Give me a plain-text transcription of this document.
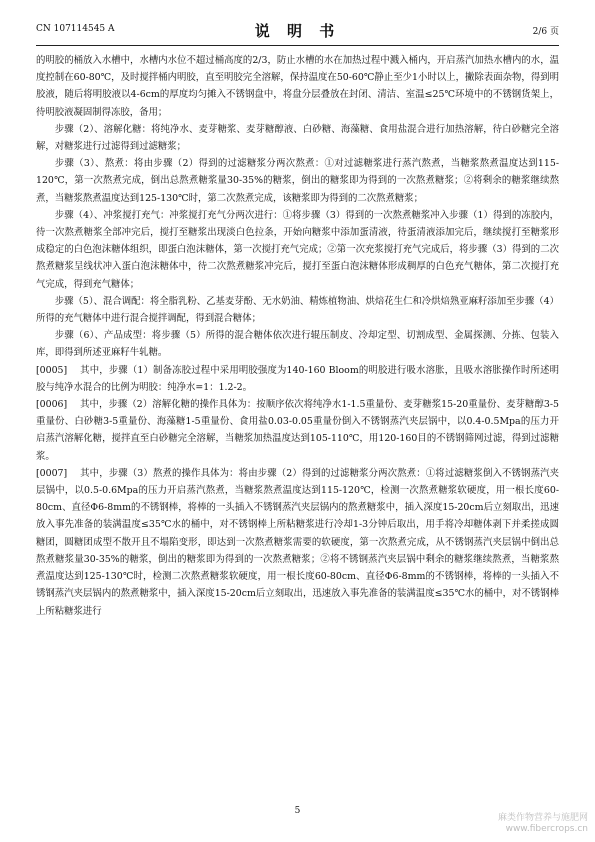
CN 107114545 A	说 明 书	2/6 页

的明胶的桶放入水槽中，水槽内水位不超过桶高度的2/3，防止水槽的水在加热过程中溅入桶内，开启蒸汽加热水槽内的水，温度控制在60-80℃，及时搅拌桶内明胶，直至明胶完全溶解，保持温度在50-60℃静止至少1小时以上，撇除表面杂物，得到明胶液，随后将明胶液以4-6cm的厚度均匀摊入不锈钢盘中，将盘分层叠放在封闭、清洁、室温≤25℃环境中的不锈钢货架上，待明胶液凝固制得冻胶，备用；

步骤（2）、溶解化糖：将纯净水、麦芽糖浆、麦芽糖醇液、白砂糖、海藻糖、食用盐混合进行加热溶解，待白砂糖完全溶解，对糖浆进行过滤得到过滤糖浆；

步骤（3）、熬煮：将由步骤（2）得到的过滤糖浆分两次熬煮：①对过滤糖浆进行蒸汽熬煮，当糖浆熬煮温度达到115-120℃，第一次熬煮完成，倒出总熬煮糖浆量30-35%的糖浆，倒出的糖浆即为得到的一次熬煮糖浆；②将剩余的糖浆继续熬煮，当糖浆熬煮温度达到125-130℃时，第二次熬煮完成，该糖浆即为得到的二次熬煮糖浆；

步骤（4）、冲浆搅打充气：冲浆搅打充气分两次进行：①将步骤（3）得到的一次熬煮糖浆冲入步骤（1）得到的冻胶内，待一次熬煮糖浆全部冲完后，搅打至糖浆出现淡白色拉条，开始向糖浆中添加蛋清液，待蛋清液添加完后，继续搅打至糖浆形成稳定的白色泡沫糖体组织，即蛋白泡沫糖体，第一次搅打充气完成；②第一次充浆搅打充气完成后，将步骤（3）得到的二次熬煮糖浆呈线状冲入蛋白泡沫糖体中，待二次熬煮糖浆冲完后，搅打至蛋白泡沫糖体形成稠厚的白色充气糖体，第二次搅打充气完成，得到充气糖体；

步骤（5）、混合调配：将全脂乳粉、乙基麦芽酚、无水奶油、精炼植物油、烘焙花生仁和冷烘焙熟亚麻籽添加至步骤（4）所得的充气糖体中进行混合搅拌调配，得到混合糖体；

步骤（6）、产品成型：将步骤（5）所得的混合糖体依次进行辊压制皮、冷却定型、切割成型、金属探测、分拣、包装入库，即得到所述亚麻籽牛轧糖。

[0005] 其中，步骤（1）制备冻胶过程中采用明胶强度为140-160 Bloom的明胶进行吸水溶胀，且吸水溶胀操作时所述明胶与纯净水混合的比例为明胶：纯净水=1：1.2-2。

[0006] 其中，步骤（2）溶解化糖的操作具体为：按顺序依次将纯净水1-1.5重量份、麦芽糖浆15-20重量份、麦芽糖醇3-5重量份、白砂糖3-5重量份、海藻糖1-5重量份、食用盐0.03-0.05重量份倒入不锈钢蒸汽夹层锅中，以0.4-0.5Mpa的压力开启蒸汽溶解化糖，搅拌直至白砂糖完全溶解，当糖浆加热温度达到105-110℃，用120-160目的不锈钢筛网过滤，得到过滤糖浆。

[0007] 其中，步骤（3）熬煮的操作具体为：将由步骤（2）得到的过滤糖浆分两次熬煮：①将过滤糖浆倒入不锈钢蒸汽夹层锅中，以0.5-0.6Mpa的压力开启蒸汽熬煮，当糖浆熬煮温度达到115-120℃，检测一次熬煮糖浆软硬度，用一根长度60-80cm、直径Φ6-8mm的不锈钢棒，将棒的一头插入不锈钢蒸汽夹层锅内的熬煮糖浆中，插入深度15-20cm后立刻取出，迅速放入事先准备的装满温度≤35℃水的桶中，对不锈钢棒上所粘糖浆进行冷却1-3分钟后取出，用手将冷却糖体剥下并柔搓成圆糖团，圆糖团成型不散开且不塌陷变形，即达到一次熬煮糖浆需要的软硬度，第一次熬煮完成，从不锈钢蒸汽夹层锅中倒出总熬煮糖浆量30-35%的糖浆，倒出的糖浆即为得到的一次熬煮糖浆；②将不锈钢蒸汽夹层锅中剩余的糖浆继续熬煮，当糖浆熬煮温度达到125-130℃时，检测二次熬煮糖浆软硬度，用一根长度60-80cm、直径Φ6-8mm的不锈钢棒，将棒的一头插入不锈钢蒸汽夹层锅内的熬煮糖浆中，插入深度15-20cm后立刻取出，迅速放入事先准备的装满温度≤35℃水的桶中，对不锈钢棒上所粘糖浆进行

5
麻类作物营养与施肥网
www.fibercrops.cn
